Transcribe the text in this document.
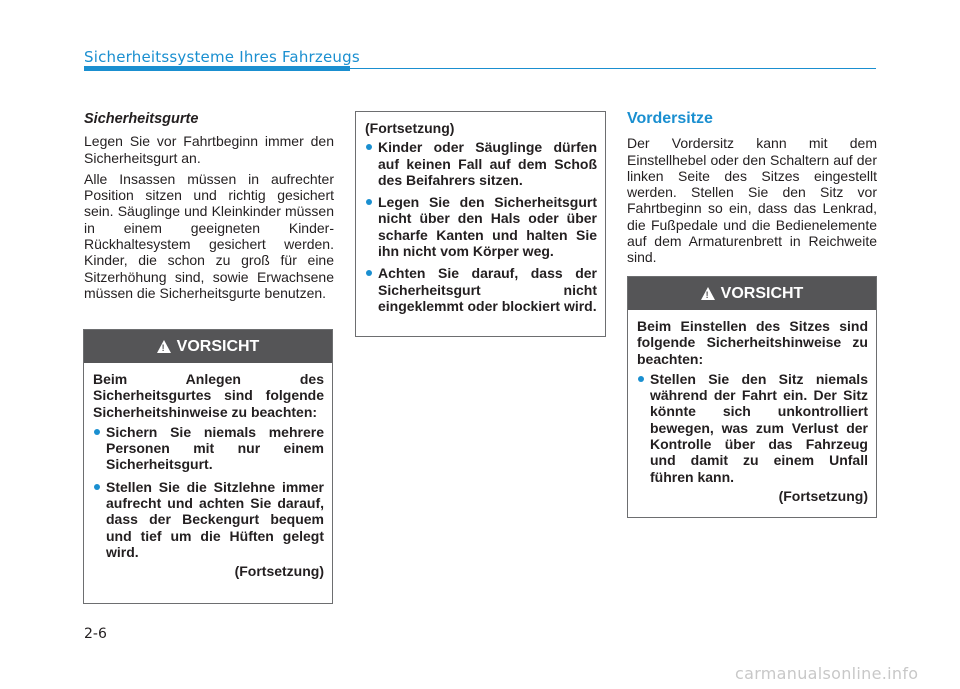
Sicherheitssysteme Ihres Fahrzeugs
Sicherheitsgurte

Legen Sie vor Fahrtbeginn immer den Sicherheitsgurt an.

Alle Insassen müssen in aufrechter Position sitzen und richtig gesichert sein. Säuglinge und Kleinkinder müssen in einem geeigneten Kinder-Rückhaltesystem gesichert werden. Kinder, die schon zu groß für eine Sitzerhöhung sind, sowie Erwachsene müssen die Sicherheitsgurte benutzen.

! VORSICHT

Beim Anlegen des Sicherheitsgurtes sind folgende Sicherheitshinweise zu beachten:

Sichern Sie niemals mehrere Personen mit nur einem Sicherheitsgurt.
Stellen Sie die Sitzlehne immer aufrecht und achten Sie darauf, dass der Beckengurt bequem und tief um die Hüften gelegt wird.
(Fortsetzung)

(Fortsetzung)

Kinder oder Säuglinge dürfen auf keinen Fall auf dem Schoß des Beifahrers sitzen.
Legen Sie den Sicherheitsgurt nicht über den Hals oder über scharfe Kanten und halten Sie ihn nicht vom Körper weg.
Achten Sie darauf, dass der Sicherheitsgurt nicht eingeklemmt oder blockiert wird.
Vordersitze

Der Vordersitz kann mit dem Einstellhebel oder den Schaltern auf der linken Seite des Sitzes eingestellt werden. Stellen Sie den Sitz vor Fahrtbeginn so ein, dass das Lenkrad, die Fußpedale und die Bedienelemente auf dem Armaturenbrett in Reichweite sind.

! VORSICHT

Beim Einstellen des Sitzes sind folgende Sicherheitshinweise zu beachten:

Stellen Sie den Sitz niemals während der Fahrt ein. Der Sitz könnte sich unkontrolliert bewegen, was zum Verlust der Kontrolle über das Fahrzeug und damit zu einem Unfall führen kann.
(Fortsetzung)
2-6
carmanualsonline.info
